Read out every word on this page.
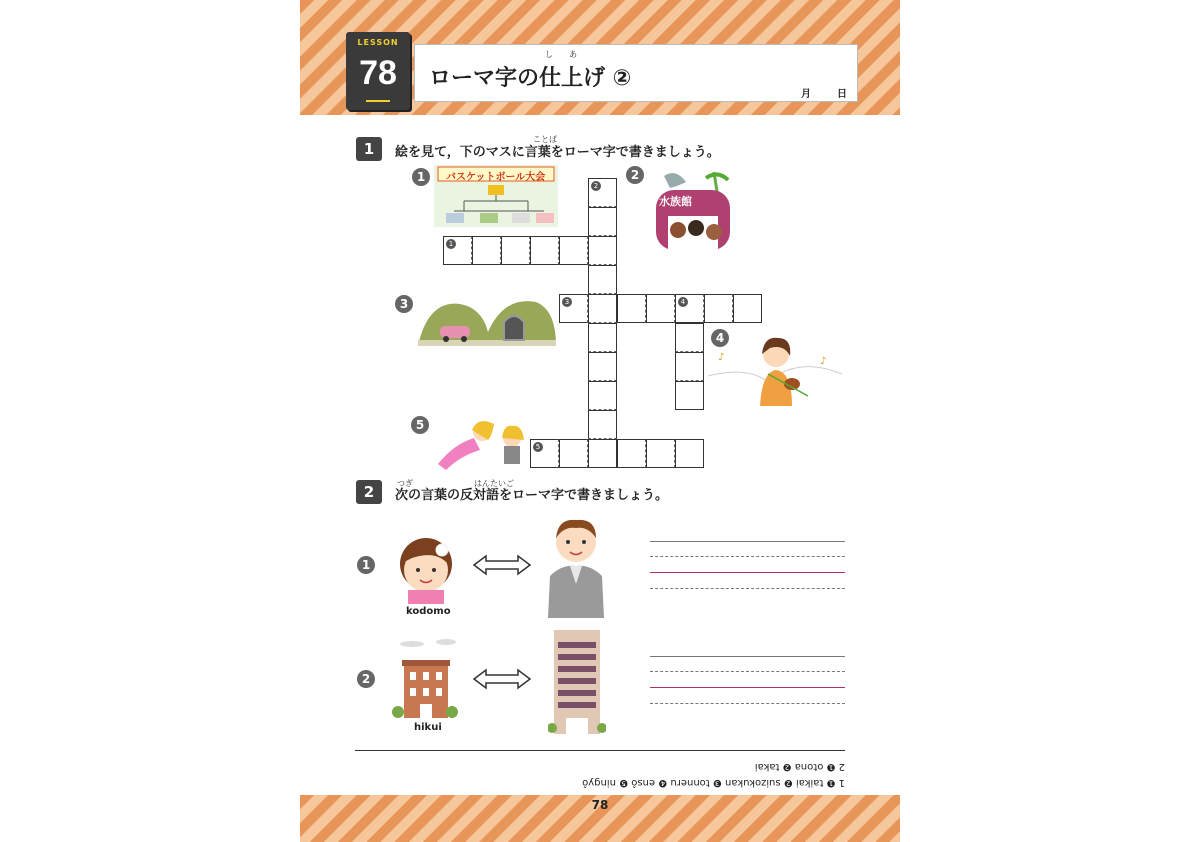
LESSON
78	し あ
ローマ字の仕上げ ②
月	日
1
ことば
絵を見て，下のマスに言葉をローマ字で書きましょう。
1	バスケットボール大会	2
水族館
3
4
♪	♪
5
2
1
3	4
5
2	つぎ	はんたいご
次の言葉の反対語をローマ字で書きましょう。
1
kodomo
2
hikui
1 ❶ taikai ❷ suizokukan ❸ tonneru ❹ ensô ❺ ningyô
2 ❶ otona ❷ takai
78
